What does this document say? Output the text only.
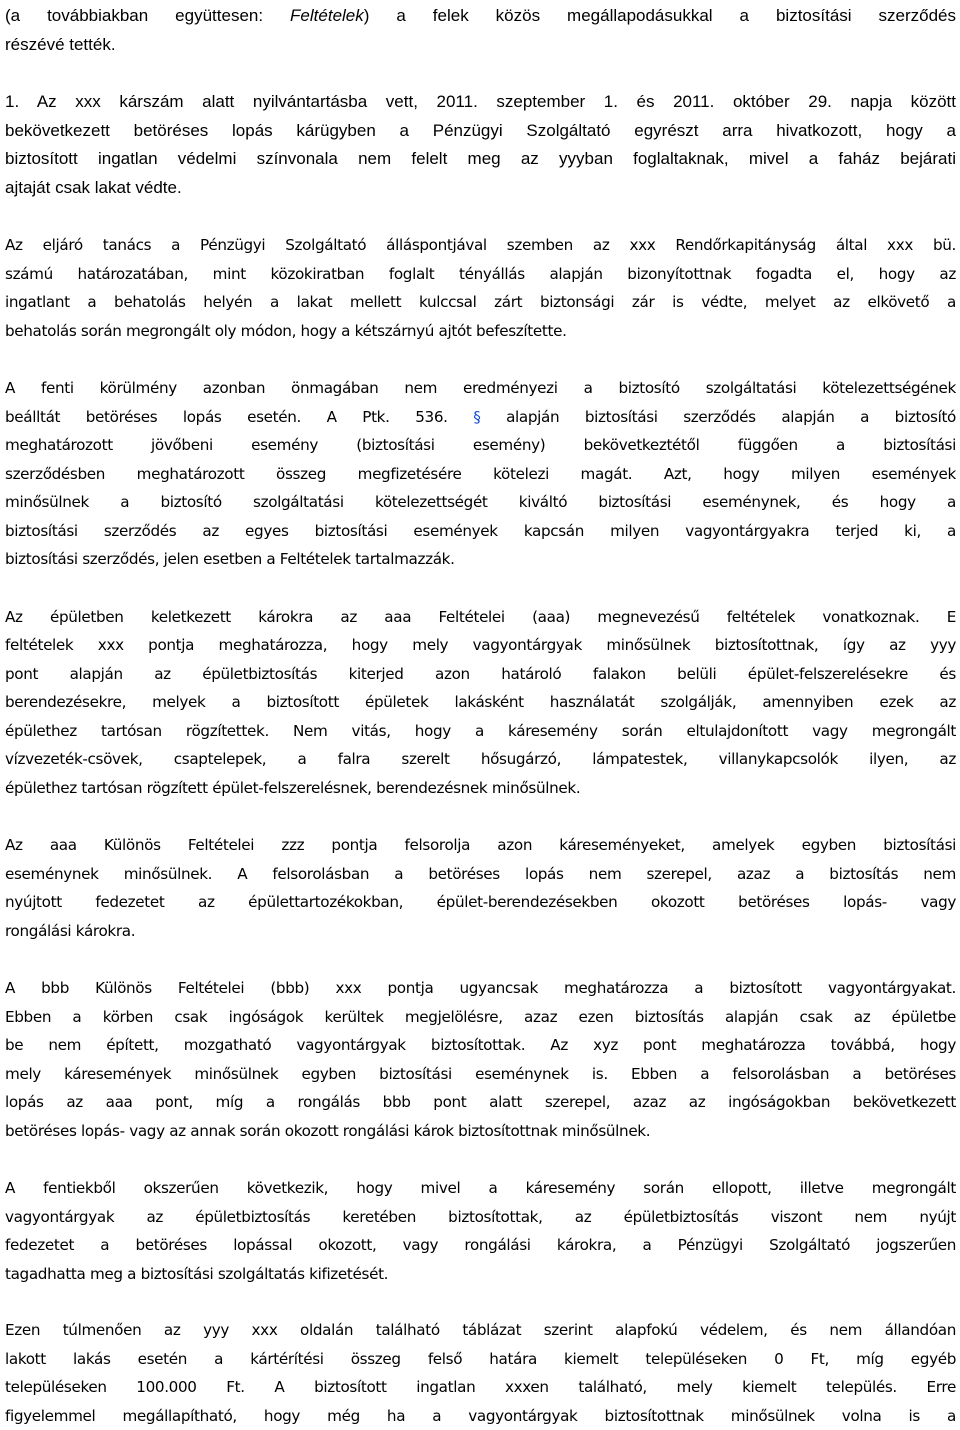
(a továbbiakban együttesen: Feltételek) a felek közös megállapodásukkal a biztosítási szerződés
részévé tették.
1. Az xxx kárszám alatt nyilvántartásba vett, 2011. szeptember 1. és 2011. október 29. napja között
bekövetkezett betöréses lopás kárügyben a Pénzügyi Szolgáltató egyrészt arra hivatkozott, hogy a
biztosított ingatlan védelmi színvonala nem felelt meg az yyyban foglaltaknak, mivel a faház bejárati
ajtaját csak lakat védte.
Az eljáró tanács a Pénzügyi Szolgáltató álláspontjával szemben az xxx Rendőrkapitányság által xxx bü.
számú határozatában, mint közokiratban foglalt tényállás alapján bizonyítottnak fogadta el, hogy az
ingatlant a behatolás helyén a lakat mellett kulccsal zárt biztonsági zár is védte, melyet az elkövető a
behatolás során megrongált oly módon, hogy a kétszárnyú ajtót befeszítette.
A fenti körülmény azonban önmagában nem eredményezi a biztosító szolgáltatási kötelezettségének
beálltát betöréses lopás esetén. A Ptk. 536. § alapján biztosítási szerződés alapján a biztosító
meghatározott jövőbeni esemény (biztosítási esemény) bekövetkeztétől függően a biztosítási
szerződésben meghatározott összeg megfizetésére kötelezi magát. Azt, hogy milyen események
minősülnek a biztosító szolgáltatási kötelezettségét kiváltó biztosítási eseménynek, és hogy a
biztosítási szerződés az egyes biztosítási események kapcsán milyen vagyontárgyakra terjed ki, a
biztosítási szerződés, jelen esetben a Feltételek tartalmazzák.
Az épületben keletkezett károkra az aaa Feltételei (aaa) megnevezésű feltételek vonatkoznak. E
feltételek xxx pontja meghatározza, hogy mely vagyontárgyak minősülnek biztosítottnak, így az yyy
pont alapján az épületbiztosítás kiterjed azon határoló falakon belüli épület-felszerelésekre és
berendezésekre, melyek a biztosított épületek lakásként használatát szolgálják, amennyiben ezek az
épülethez tartósan rögzítettek. Nem vitás, hogy a káresemény során eltulajdonított vagy megrongált
vízvezeték-csövek, csaptelepek, a falra szerelt hősugárzó, lámpatestek, villanykapcsolók ilyen, az
épülethez tartósan rögzített épület-felszerelésnek, berendezésnek minősülnek.
Az aaa Különös Feltételei zzz pontja felsorolja azon káreseményeket, amelyek egyben biztosítási
eseménynek minősülnek. A felsorolásban a betöréses lopás nem szerepel, azaz a biztosítás nem
nyújtott fedezetet az épülettartozékokban, épület-berendezésekben okozott betöréses lopás- vagy
rongálási károkra.
A bbb Különös Feltételei (bbb) xxx pontja ugyancsak meghatározza a biztosított vagyontárgyakat.
Ebben a körben csak ingóságok kerültek megjelölésre, azaz ezen biztosítás alapján csak az épületbe
be nem épített, mozgatható vagyontárgyak biztosítottak. Az xyz pont meghatározza továbbá, hogy
mely káresemények minősülnek egyben biztosítási eseménynek is. Ebben a felsorolásban a betöréses
lopás az aaa pont, míg a rongálás bbb pont alatt szerepel, azaz az ingóságokban bekövetkezett
betöréses lopás- vagy az annak során okozott rongálási károk biztosítottnak minősülnek.
A fentiekből okszerűen következik, hogy mivel a káresemény során ellopott, illetve megrongált
vagyontárgyak az épületbiztosítás keretében biztosítottak, az épületbiztosítás viszont nem nyújt
fedezetet a betöréses lopással okozott, vagy rongálási károkra, a Pénzügyi Szolgáltató jogszerűen
tagadhatta meg a biztosítási szolgáltatás kifizetését.
Ezen túlmenően az yyy xxx oldalán található táblázat szerint alapfokú védelem, és nem állandóan
lakott lakás esetén a kártérítési összeg felső határa kiemelt településeken 0 Ft, míg egyéb
településeken 100.000 Ft. A biztosított ingatlan xxxen található, mely kiemelt település. Erre
figyelemmel megállapítható, hogy még ha a vagyontárgyak biztosítottnak minősülnek volna is a
